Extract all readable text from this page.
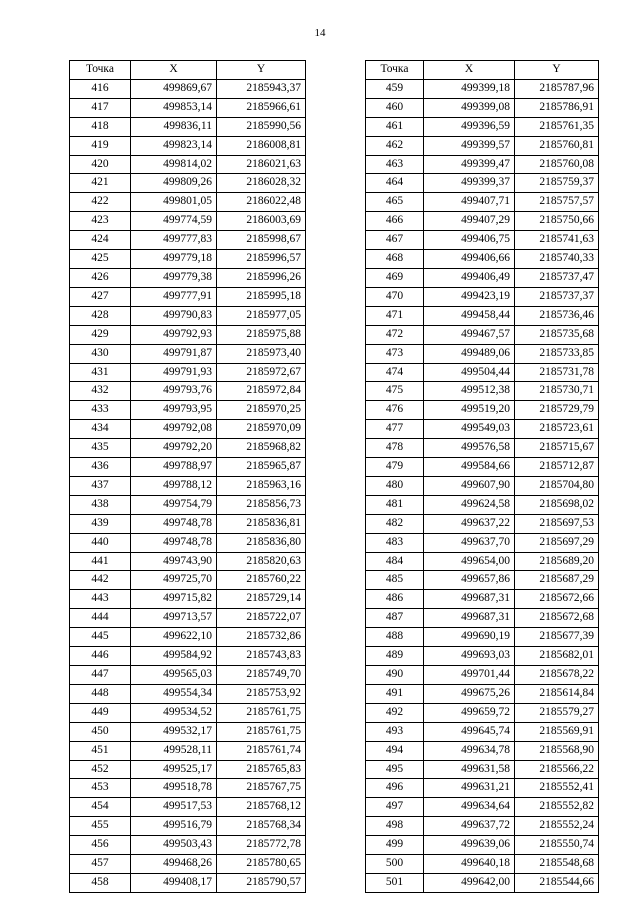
14
Точка	X	Y
416	499869,67	2185943,37
417	499853,14	2185966,61
418	499836,11	2185990,56
419	499823,14	2186008,81
420	499814,02	2186021,63
421	499809,26	2186028,32
422	499801,05	2186022,48
423	499774,59	2186003,69
424	499777,83	2185998,67
425	499779,18	2185996,57
426	499779,38	2185996,26
427	499777,91	2185995,18
428	499790,83	2185977,05
429	499792,93	2185975,88
430	499791,87	2185973,40
431	499791,93	2185972,67
432	499793,76	2185972,84
433	499793,95	2185970,25
434	499792,08	2185970,09
435	499792,20	2185968,82
436	499788,97	2185965,87
437	499788,12	2185963,16
438	499754,79	2185856,73
439	499748,78	2185836,81
440	499748,78	2185836,80
441	499743,90	2185820,63
442	499725,70	2185760,22
443	499715,82	2185729,14
444	499713,57	2185722,07
445	499622,10	2185732,86
446	499584,92	2185743,83
447	499565,03	2185749,70
448	499554,34	2185753,92
449	499534,52	2185761,75
450	499532,17	2185761,75
451	499528,11	2185761,74
452	499525,17	2185765,83
453	499518,78	2185767,75
454	499517,53	2185768,12
455	499516,79	2185768,34
456	499503,43	2185772,78
457	499468,26	2185780,65
458	499408,17	2185790,57
Точка	X	Y
459	499399,18	2185787,96
460	499399,08	2185786,91
461	499396,59	2185761,35
462	499399,57	2185760,81
463	499399,47	2185760,08
464	499399,37	2185759,37
465	499407,71	2185757,57
466	499407,29	2185750,66
467	499406,75	2185741,63
468	499406,66	2185740,33
469	499406,49	2185737,47
470	499423,19	2185737,37
471	499458,44	2185736,46
472	499467,57	2185735,68
473	499489,06	2185733,85
474	499504,44	2185731,78
475	499512,38	2185730,71
476	499519,20	2185729,79
477	499549,03	2185723,61
478	499576,58	2185715,67
479	499584,66	2185712,87
480	499607,90	2185704,80
481	499624,58	2185698,02
482	499637,22	2185697,53
483	499637,70	2185697,29
484	499654,00	2185689,20
485	499657,86	2185687,29
486	499687,31	2185672,66
487	499687,31	2185672,68
488	499690,19	2185677,39
489	499693,03	2185682,01
490	499701,44	2185678,22
491	499675,26	2185614,84
492	499659,72	2185579,27
493	499645,74	2185569,91
494	499634,78	2185568,90
495	499631,58	2185566,22
496	499631,21	2185552,41
497	499634,64	2185552,82
498	499637,72	2185552,24
499	499639,06	2185550,74
500	499640,18	2185548,68
501	499642,00	2185544,66
